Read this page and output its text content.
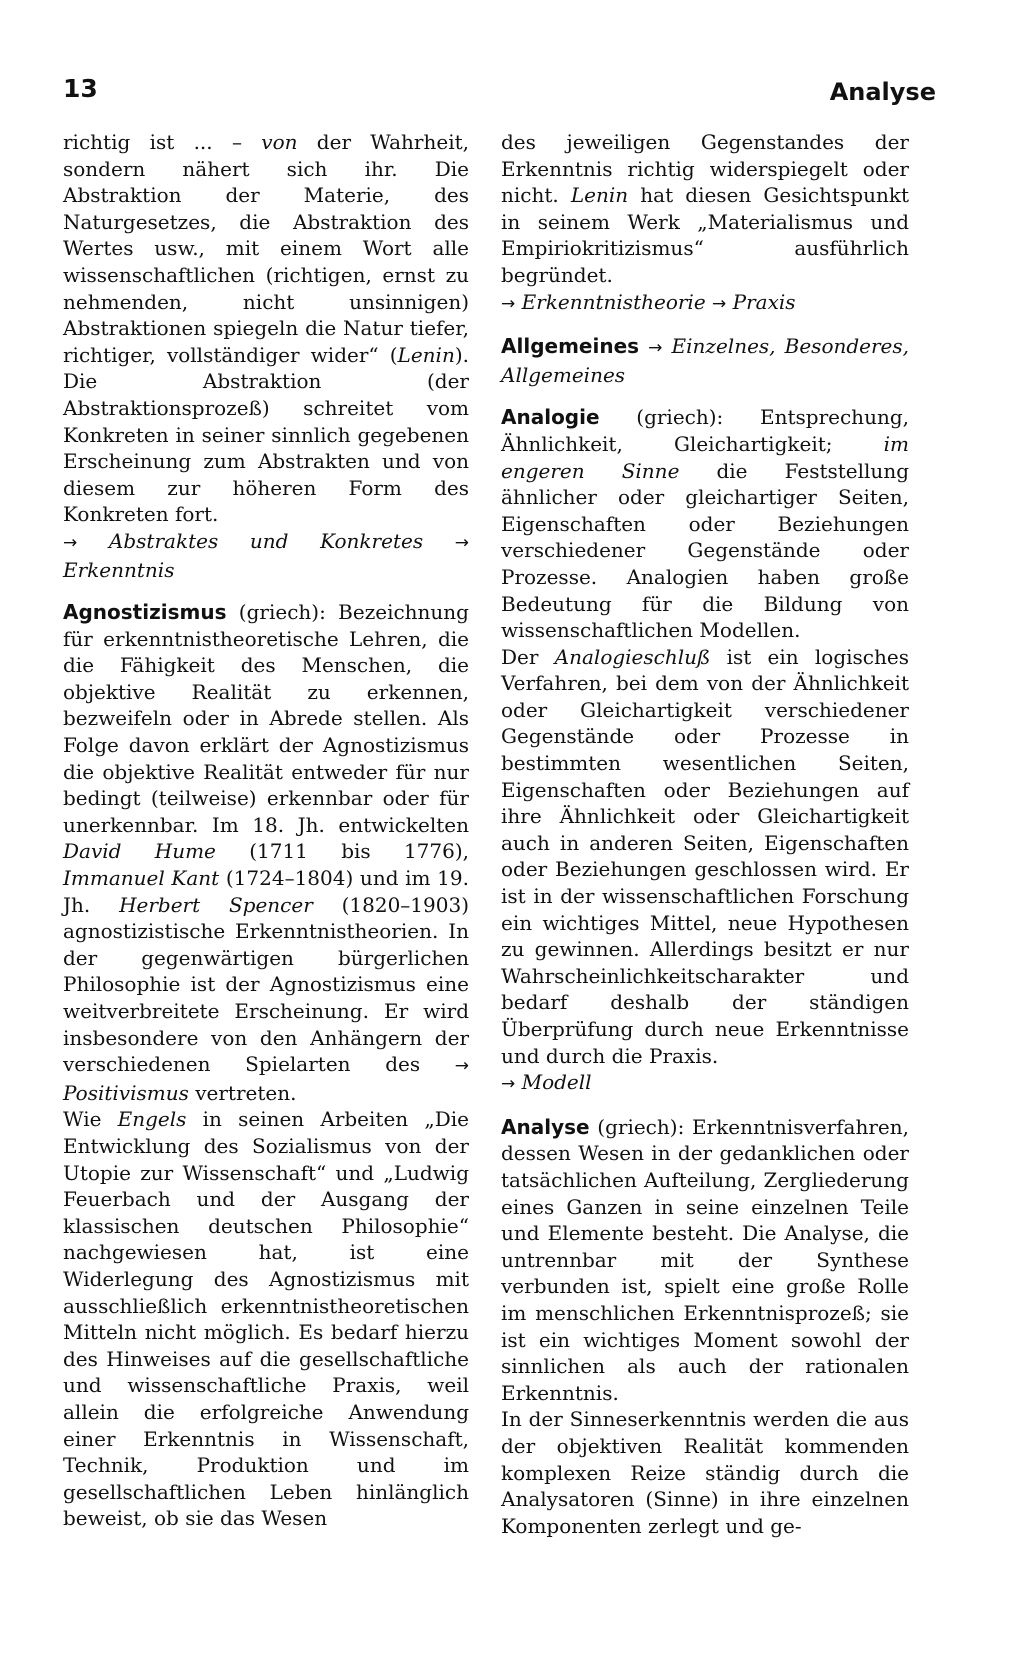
13	Analyse

richtig ist ... – von der Wahrheit, sondern nähert sich ihr. Die Abstraktion der Materie, des Naturgesetzes, die Abstraktion des Wertes usw., mit einem Wort alle wissenschaftlichen (richtigen, ernst zu nehmenden, nicht unsinnigen) Abstraktionen spiegeln die Natur tiefer, richtiger, vollständiger wider“ (Lenin). Die Abstraktion (der Abstraktionsprozeß) schreitet vom Konkreten in seiner sinnlich gegebenen Erscheinung zum Abstrakten und von diesem zur höheren Form des Konkreten fort.

→ Abstraktes und Konkretes → Erkenntnis

Agnostizismus (griech): Bezeichnung für erkenntnistheoretische Lehren, die die Fähigkeit des Menschen, die objektive Realität zu erkennen, bezweifeln oder in Abrede stellen. Als Folge davon erklärt der Agnostizismus die objektive Realität entweder für nur bedingt (teilweise) erkennbar oder für unerkennbar. Im 18. Jh. entwickelten David Hume (1711 bis 1776), Immanuel Kant (1724–1804) und im 19. Jh. Herbert Spencer (1820–1903) agnostizistische Erkenntnistheorien. In der gegenwärtigen bürgerlichen Philosophie ist der Agnostizismus eine weitverbreitete Erscheinung. Er wird insbesondere von den Anhängern der verschiedenen Spielarten des → Positivismus vertreten.

Wie Engels in seinen Arbeiten „Die Entwicklung des Sozialismus von der Utopie zur Wissenschaft“ und „Ludwig Feuerbach und der Ausgang der klassischen deutschen Philosophie“ nachgewiesen hat, ist eine Widerlegung des Agnostizismus mit ausschließlich erkenntnistheoretischen Mitteln nicht möglich. Es bedarf hierzu des Hinweises auf die gesellschaftliche und wissenschaftliche Praxis, weil allein die erfolgreiche Anwendung einer Erkenntnis in Wissenschaft, Technik, Produktion und im gesellschaftlichen Leben hinlänglich beweist, ob sie das Wesen

des jeweiligen Gegenstandes der Erkenntnis richtig widerspiegelt oder nicht. Lenin hat diesen Gesichtspunkt in seinem Werk „Materialismus und Empiriokritizismus“ ausführlich begründet.

→ Erkenntnistheorie → Praxis

Allgemeines → Einzelnes, Besonderes, Allgemeines

Analogie (griech): Entsprechung, Ähnlichkeit, Gleichartigkeit; im engeren Sinne die Feststellung ähnlicher oder gleichartiger Seiten, Eigenschaften oder Beziehungen verschiedener Gegenstände oder Prozesse. Analogien haben große Bedeutung für die Bildung von wissenschaftlichen Modellen.

Der Analogieschluß ist ein logisches Verfahren, bei dem von der Ähnlichkeit oder Gleichartigkeit verschiedener Gegenstände oder Prozesse in bestimmten wesentlichen Seiten, Eigenschaften oder Beziehungen auf ihre Ähnlichkeit oder Gleichartigkeit auch in anderen Seiten, Eigenschaften oder Beziehungen geschlossen wird. Er ist in der wissenschaftlichen Forschung ein wichtiges Mittel, neue Hypothesen zu gewinnen. Allerdings besitzt er nur Wahrscheinlichkeitscharakter und bedarf deshalb der ständigen Überprüfung durch neue Erkenntnisse und durch die Praxis.

→ Modell

Analyse (griech): Erkenntnisverfahren, dessen Wesen in der gedanklichen oder tatsächlichen Aufteilung, Zergliederung eines Ganzen in seine einzelnen Teile und Elemente besteht. Die Analyse, die untrennbar mit der Synthese verbunden ist, spielt eine große Rolle im menschlichen Erkenntnisprozeß; sie ist ein wichtiges Moment sowohl der sinnlichen als auch der rationalen Erkenntnis.

In der Sinneserkenntnis werden die aus der objektiven Realität kommenden komplexen Reize ständig durch die Analysatoren (Sinne) in ihre einzelnen Komponenten zerlegt und ge-
